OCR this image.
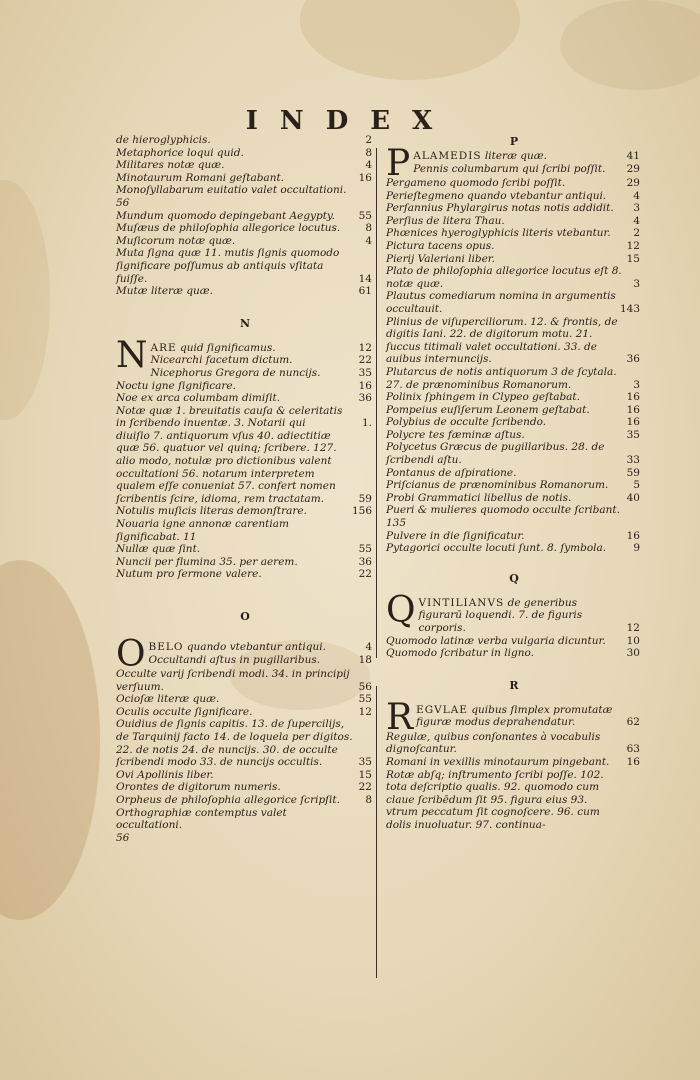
INDEX
de hieroglyphicis.	2
Metaphorice loqui quid.	8
Militares notæ quæ.	4
Minotaurum Romani geſtabant.	16
Monoſyllabarum euitatio valet occultationi.
56
Mundum quomodo depingebant Aegypty. 55
Muſæus de philoſophia allegorice locutus. 8
Muſicorum notæ quæ.	4
Muta ſigna quæ 11. mutis ſignis quomodo ſignificare poſſumus ab antiquis vſitata fuiſſe.	14
Mutæ literæ quæ.	61
N
N ARE quid ſignificamus.	12
Nicearchi facetum dictum.	22
Nicephorus Gregora de nuncijs.	35
Noctu igne ſignificare.	16
Noe ex arca columbam dimiſit.	36
Notæ quæ 1. breuitatis cauſa & celeritatis in ſcribendo inuentæ. 3. Notarii qui	1.
diuiſio 7. antiquorum vſus 40. adiectitiæ quæ 56. quatuor vel quinq; ſcribere. 127. alio modo, notulæ pro dictionibus valent occultationi 56. notarum interpretem qualem eſſe conueniat 57. confert nomen ſcribentis ſcire, idioma, rem tractatam.	59
Notulis muſicis literas demonſtrare.	156
Nouaria igne annonæ carentiam ſignificabat. 11
Nullæ quæ ſint.	55
Nuncii per flumina 35. per aerem.	36
Nutum pro ſermone valere.	22
O
O BELO quando vtebantur antiqui.	4
Occultandi aſtus in pugillaribus.	18
Occulte varij ſcribendi modi. 34. in principij verſuum.	56
Ocioſæ literæ quæ.	55
Oculis occulte ſignificare.	12
Ouidius de ſignis capitis. 13. de ſupercilijs, de Tarquinij facto 14. de loquela per digitos. 22. de notis 24. de nuncijs. 30. de occulte ſcribendi modo 33. de nuncijs occultis.	35
Ovi Apollinis liber.	15
Orontes de digitorum numeris.	22
Orpheus de philoſophia allegorice ſcripſit. 8
Orthographiæ contemptus valet occultationi.
56
P
P ALAMEDIS literæ quæ.	41
Pennis columbarum qui ſcribi poſſit. 29
Pergameno quomodo ſcribi poſſit.	29
Perieſtegmeno quando vtebantur antiqui.	4
Perſannius Phylargirus notas notis addidit. 3
Perſius de litera Thau.	4
Phœnices hyeroglyphicis literis vtebantur. 2
Pictura tacens opus.	12
Pierij Valeriani liber.	15
Plato de philoſophia allegorice locutus eſt 8. notæ quæ.	3
Plautus comediarum nomina in argumentis occultauit.	143
Plinius de viſuperciliorum. 12. & frontis, de digitis Iani. 22. de digitorum motu. 21. ſuccus titimali valet occultationi. 33. de auibus internuncijs.	36
Plutarcus de notis antiquorum 3 de ſcytala. 27. de prænominibus Romanorum.	3
Polinix ſphingem in Clypeo geſtabat.	16
Pompeius euſiſerum Leonem geſtabat.	16
Polybius de occulte ſcribendo.	16
Polycre tes fæminæ aſtus.	35
Polycetus Græcus de pugillaribus. 28. de ſcribendi aſtu.	33
Pontanus de aſpiratione.	59
Priſcianus de prænominibus Romanorum. 5
Probi Grammatici libellus de notis.	40
Pueri & mulieres quomodo occulte ſcribant. 135
Pulvere in die ſignificatur.	16
Pytagorici occulte locuti ſunt. 8. ſymbola.	9
Q
Q VINTILIANVS de generibus figurarū loquendi. 7. de figuris corporis.	12
Quomodo latinæ verba vulgaria dicuntur. 10
Quomodo ſcribatur in ligno.	30
R
R EGVLAE quibus ſimplex promutatæ figuræ modus deprahendatur.	62
Regulæ, quibus conſonantes à vocabulis dignoſcantur.	63
Romani in vexillis minotaurum pingebant. 16
Rotæ abſq; inſtrumento ſcribi poſſe. 102. tota deſcriptio qualis. 92. quomodo cum claue ſcribēdum ſit 95. figura eius 93. vtrum peccatum ſit cognoſcere. 96. cum dolis inuoluatur. 97. continua-
